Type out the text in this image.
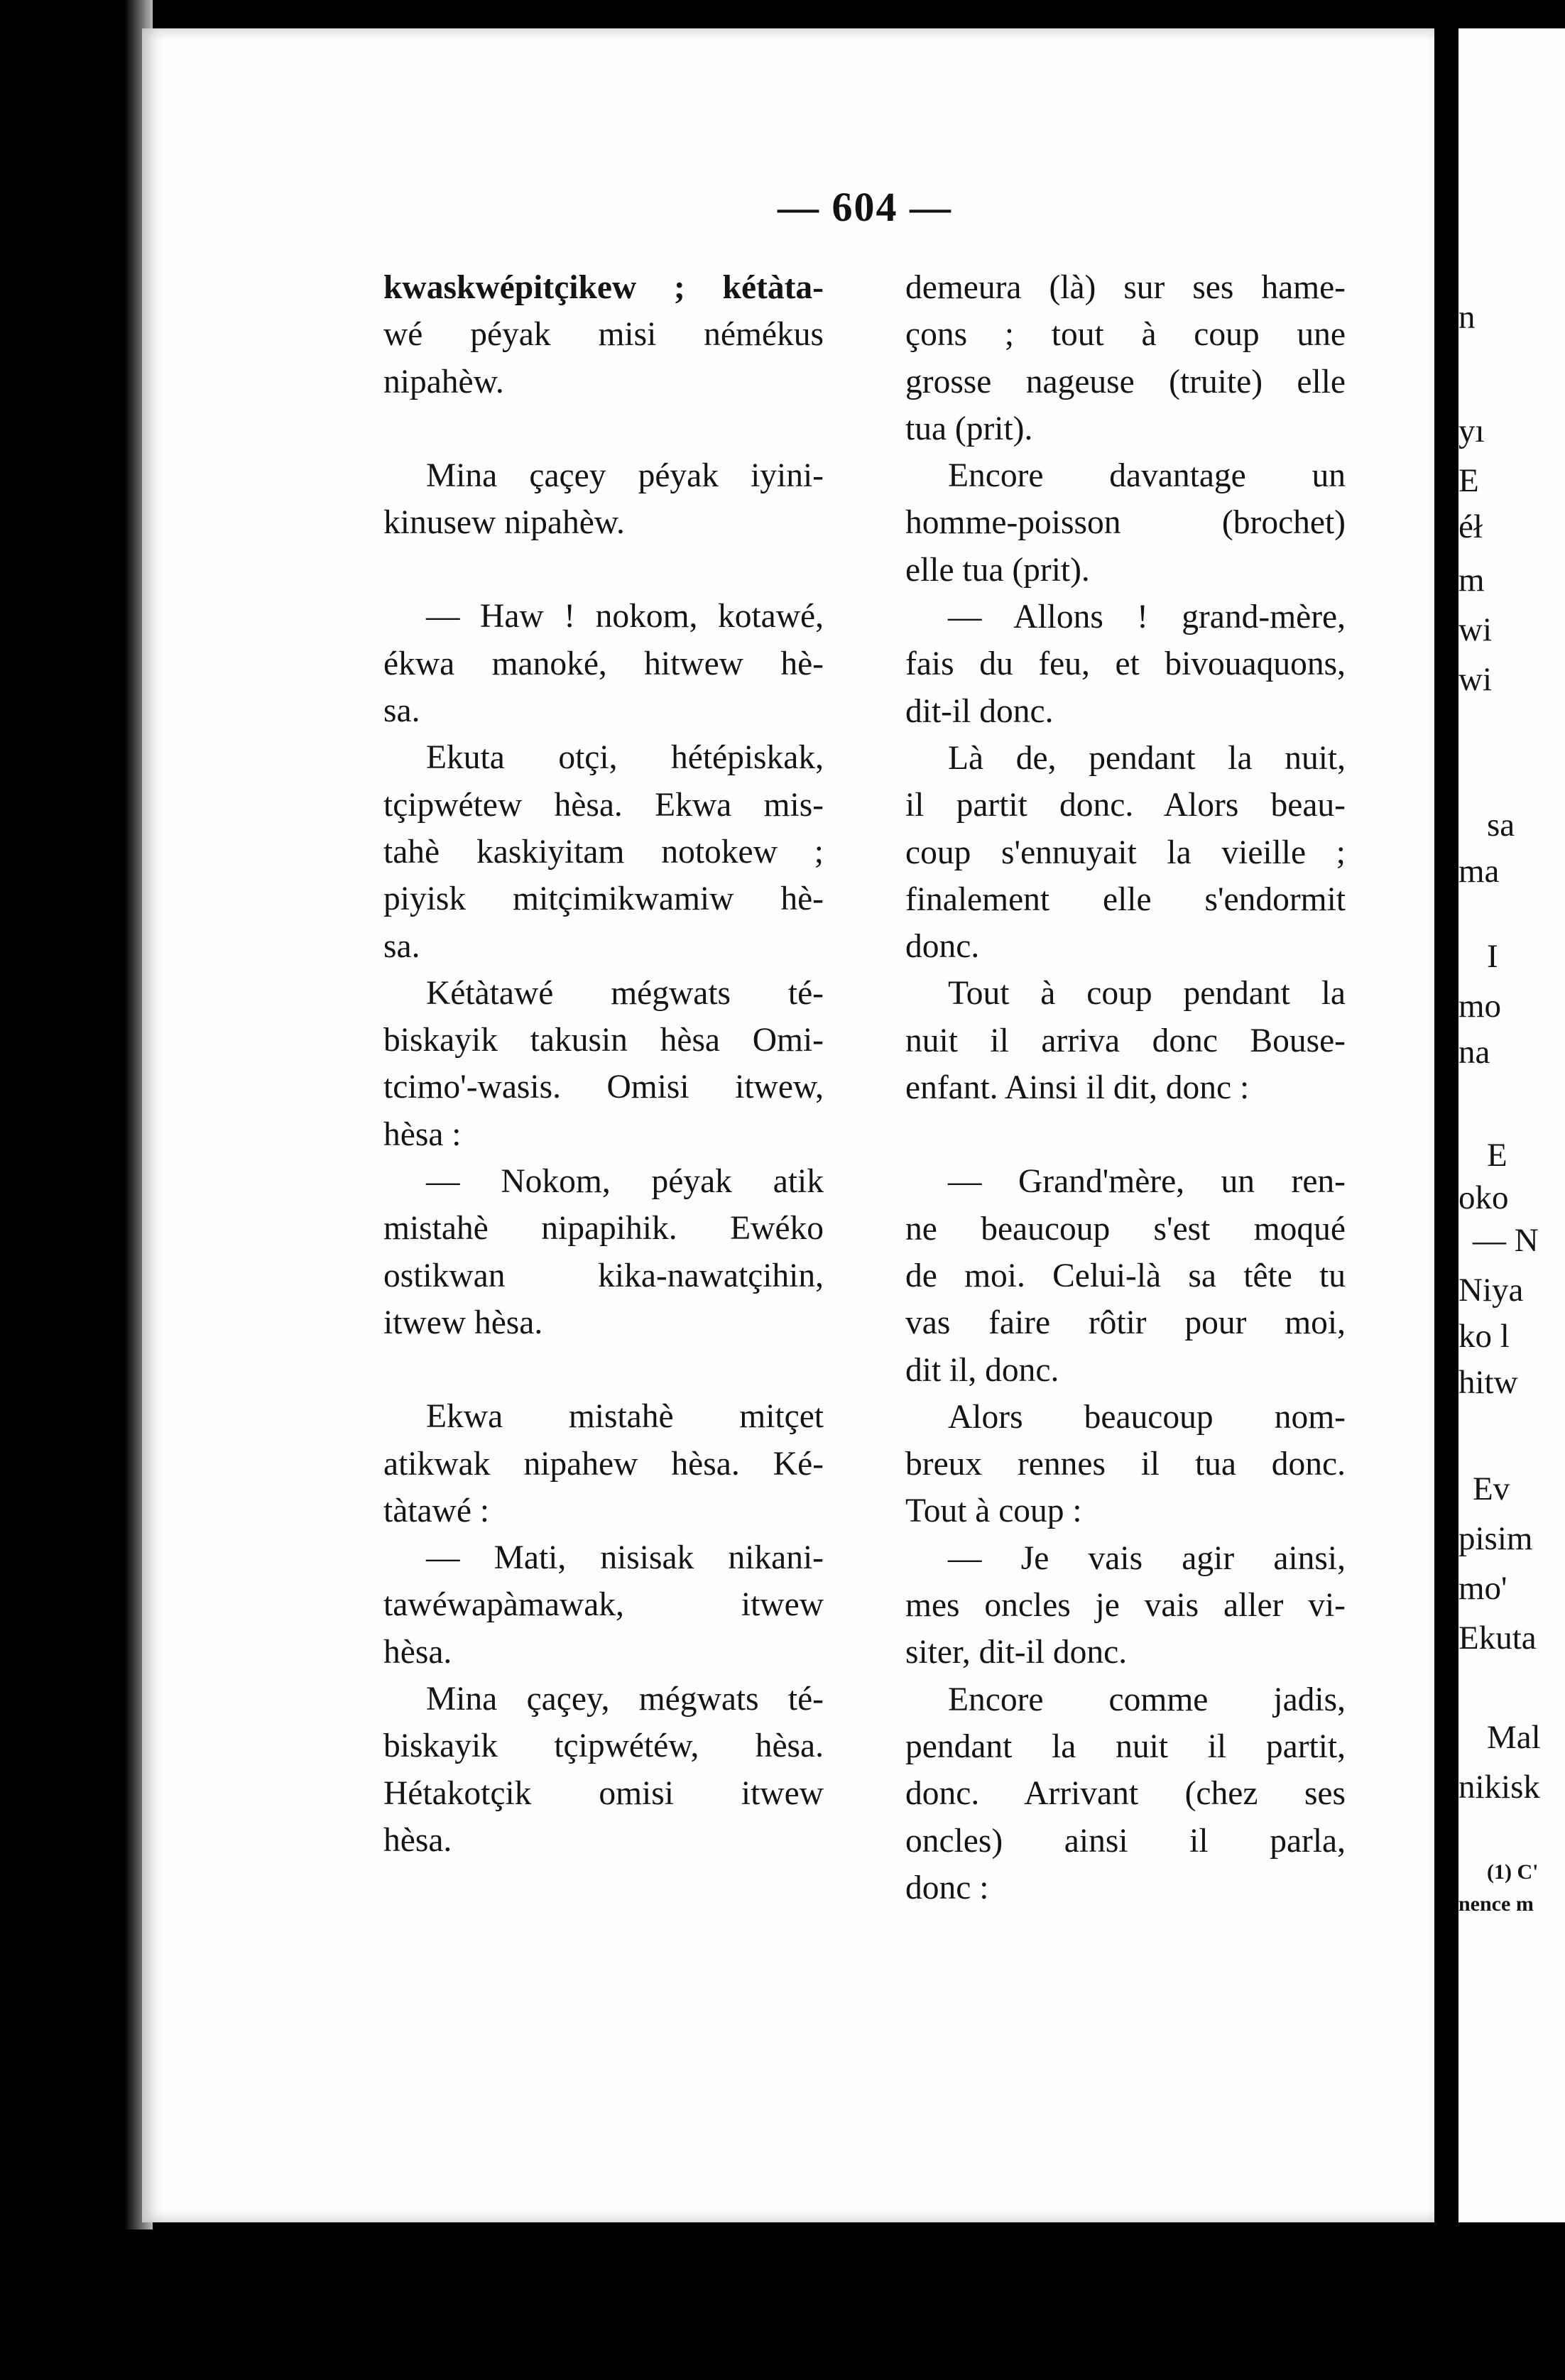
— 604 —
kwaskwépitçikew ; kétàta-
wé péyak misi némékus
nipahèw.
Mina çaçey péyak iyini-
kinusew nipahèw.
— Haw ! nokom, kotawé,
ékwa manoké, hitwew hè-
sa.
Ekuta otçi, hétépiskak,
tçipwétew hèsa. Ekwa mis-
tahè kaskiyitam notokew ;
piyisk mitçimikwamiw hè-
sa.
Kétàtawé mégwats té-
biskayik takusin hèsa Omi-
tcimo'-wasis. Omisi itwew,
hèsa :
— Nokom, péyak atik
mistahè nipapihik. Ewéko
ostikwan kika-nawatçihin,
itwew hèsa.
Ekwa mistahè mitçet
atikwak nipahew hèsa. Ké-
tàtawé :
— Mati, nisisak nikani-
tawéwapàmawak, itwew
hèsa.
Mina çaçey, mégwats té-
biskayik tçipwétéw, hèsa.
Hétakotçik omisi itwew
hèsa.
demeura (là) sur ses hame-
çons ; tout à coup une
grosse nageuse (truite) elle
tua (prit).
Encore davantage un
homme-poisson (brochet)
elle tua (prit).
— Allons ! grand-mère,
fais du feu, et bivouaquons,
dit-il donc.
Là de, pendant la nuit,
il partit donc. Alors beau-
coup s'ennuyait la vieille ;
finalement elle s'endormit
donc.
Tout à coup pendant la
nuit il arriva donc Bouse-
enfant. Ainsi il dit, donc :
— Grand'mère, un ren-
ne beaucoup s'est moqué
de moi. Celui-là sa tête tu
vas faire rôtir pour moi,
dit il, donc.
Alors beaucoup nom-
breux rennes il tua donc.
Tout à coup :
— Je vais agir ainsi,
mes oncles je vais aller vi-
siter, dit-il donc.
Encore comme jadis,
pendant la nuit il partit,
donc. Arrivant (chez ses
oncles) ainsi il parla,
donc :
n
yı
E
éł
m
wi
wi
sa
ma
I
mo
na
E
oko
— N
Niya
ko l
hitw
Ev
pisim
mo'
Ekuta
Mal
nikisk
(1) C'
nence m
